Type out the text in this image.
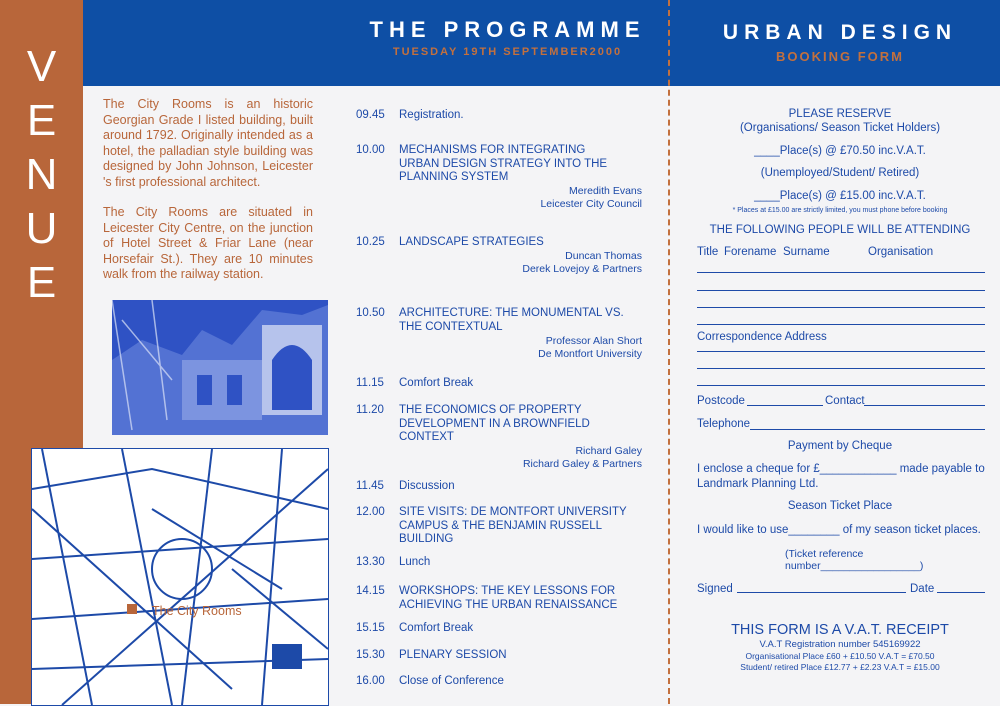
V
E
N
U
E
THE PROGRAMME
TUESDAY 19TH SEPTEMBER2000
URBAN DESIGN
BOOKING FORM
The City Rooms is an historic Georgian Grade I listed building, built around 1792. Originally intended as a hotel, the palladian style building was designed by John Johnson, Leicester 's first professional architect.
The City Rooms are situated in Leicester City Centre, on the junction of Hotel Street & Friar Lane (near Horsefair St.). They are 10 minutes walk from the railway station.
The City Rooms
09.45 Registration.
10.00 MECHANISMS FOR INTEGRATING
URBAN DESIGN STRATEGY INTO THE
PLANNING SYSTEM
Meredith Evans
Leicester City Council
10.25 LANDSCAPE STRATEGIES
Duncan Thomas
Derek Lovejoy & Partners
10.50 ARCHITECTURE: THE MONUMENTAL VS.
THE CONTEXTUAL
Professor Alan Short
De Montfort University
11.15 Comfort Break
11.20 THE ECONOMICS OF PROPERTY
DEVELOPMENT IN A BROWNFIELD
CONTEXT
Richard Galey
Richard Galey & Partners
11.45 Discussion
12.00 SITE VISITS: DE MONTFORT UNIVERSITY
CAMPUS & THE BENJAMIN RUSSELL
BUILDING
13.30 Lunch
14.15 WORKSHOPS: THE KEY LESSONS FOR
ACHIEVING THE URBAN RENAISSANCE
15.15 Comfort Break
15.30 PLENARY SESSION
16.00 Close of Conference
PLEASE RESERVE
(Organisations/ Season Ticket Holders)
____Place(s) @ £70.50 inc.V.A.T.
(Unemployed/Student/ Retired)
____Place(s) @ £15.00 inc.V.A.T.
* Places at £15.00 are strictly limited, you must phone before booking
THE FOLLOWING PEOPLE WILL BE ATTENDING
Title Forename Surname	Organisation
Correspondence Address
Postcode	Contact
Telephone
Payment by Cheque
I enclose a cheque for £____________ made payable to
Landmark Planning Ltd.
Season Ticket Place
I would like to use________ of my season ticket places.
(Ticket reference number_________________)
Signed	Date
THIS FORM IS A V.A.T. RECEIPT
V.A.T Registration number 545169922
Organisational Place £60 + £10.50 V.A.T = £70.50
Student/ retired Place £12.77 + £2.23 V.A.T = £15.00
